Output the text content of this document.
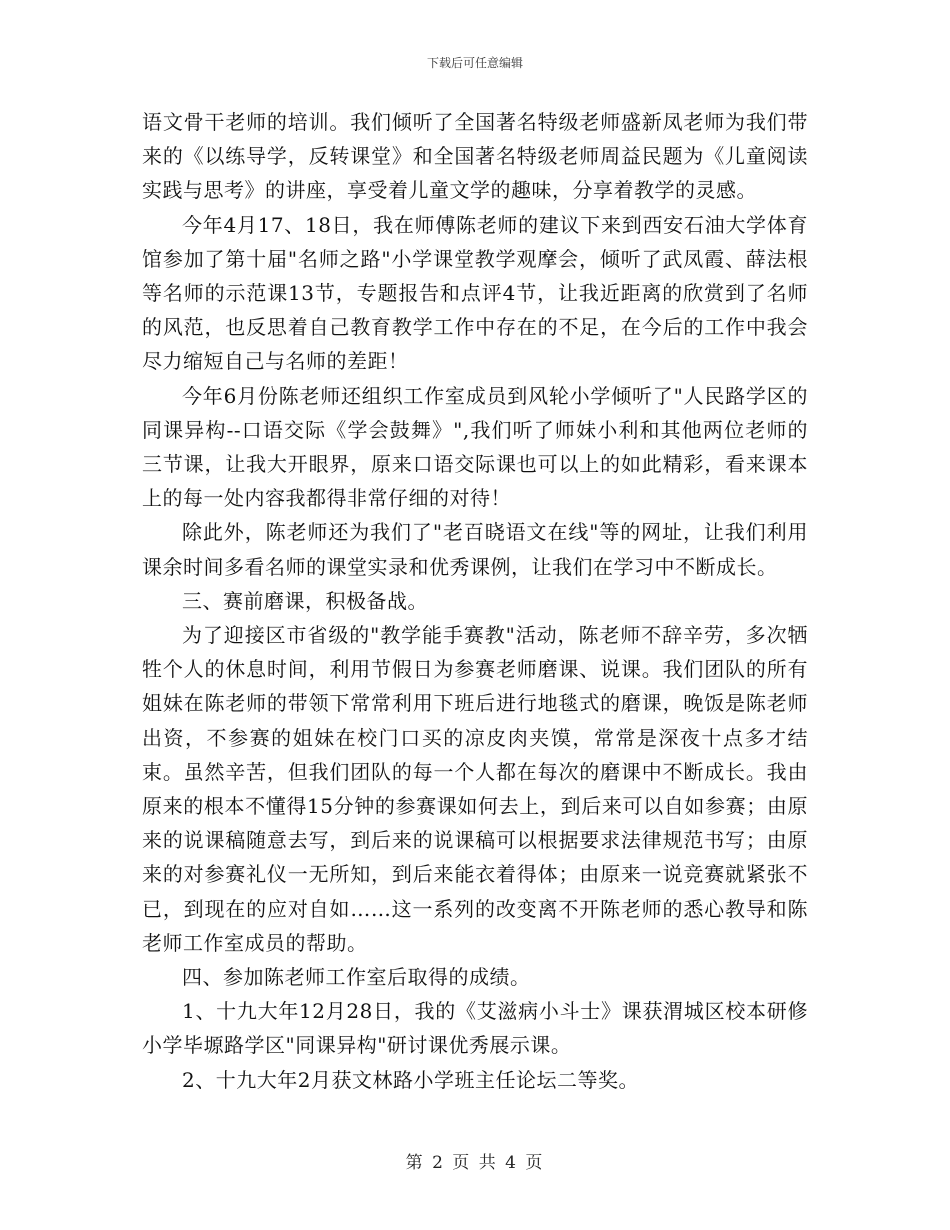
下载后可任意编辑

语文骨干老师的培训。我们倾听了全国著名特级老师盛新凤老师为我们带来的《以练导学，反转课堂》和全国著名特级老师周益民题为《儿童阅读实践与思考》的讲座，享受着儿童文学的趣味，分享着教学的灵感。

今年4月17、18日，我在师傅陈老师的建议下来到西安石油大学体育馆参加了第十届"名师之路"小学课堂教学观摩会，倾听了武凤霞、薛法根等名师的示范课13节，专题报告和点评4节，让我近距离的欣赏到了名师的风范，也反思着自己教育教学工作中存在的不足，在今后的工作中我会尽力缩短自己与名师的差距！

今年6月份陈老师还组织工作室成员到风轮小学倾听了"人民路学区的同课异构--口语交际《学会鼓舞》",我们听了师妹小利和其他两位老师的三节课，让我大开眼界，原来口语交际课也可以上的如此精彩，看来课本上的每一处内容我都得非常仔细的对待！

除此外，陈老师还为我们了"老百晓语文在线"等的网址，让我们利用课余时间多看名师的课堂实录和优秀课例，让我们在学习中不断成长。

三、赛前磨课，积极备战。

为了迎接区市省级的"教学能手赛教"活动，陈老师不辞辛劳，多次牺牲个人的休息时间，利用节假日为参赛老师磨课、说课。我们团队的所有姐妹在陈老师的带领下常常利用下班后进行地毯式的磨课，晚饭是陈老师出资，不参赛的姐妹在校门口买的凉皮肉夹馍，常常是深夜十点多才结束。虽然辛苦，但我们团队的每一个人都在每次的磨课中不断成长。我由原来的根本不懂得15分钟的参赛课如何去上，到后来可以自如参赛；由原来的说课稿随意去写，到后来的说课稿可以根据要求法律规范书写；由原来的对参赛礼仪一无所知，到后来能衣着得体；由原来一说竞赛就紧张不已，到现在的应对自如……这一系列的改变离不开陈老师的悉心教导和陈老师工作室成员的帮助。

四、参加陈老师工作室后取得的成绩。

1、十九大年12月28日，我的《艾滋病小斗士》课获渭城区校本研修小学毕塬路学区"同课异构"研讨课优秀展示课。

2、十九大年2月获文林路小学班主任论坛二等奖。

第 2 页 共 4 页
